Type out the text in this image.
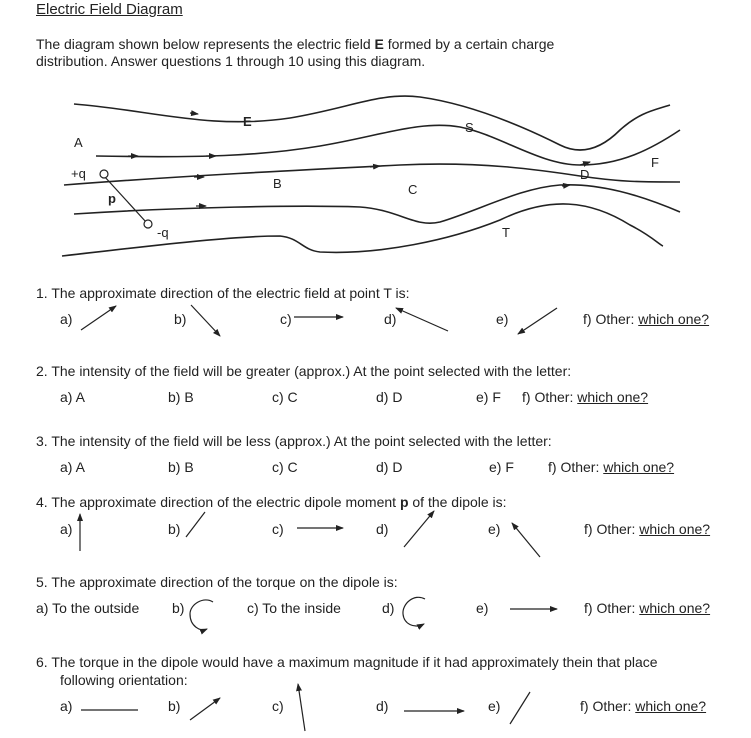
Electric Field Diagram
The diagram shown below represents the electric field E formed by a certain charge distribution. Answer questions 1 through 10 using this diagram.
E	S
A
+q
F
B	C
D
p
-q	T
1. The approximate direction of the electric field at point T is:
a)	b)	c)	d)	e)	f) Other: which one?
2. The intensity of the field will be greater (approx.) At the point selected with the letter:
a) A	b) B	c) C	d) D	e) F f) Other: which one?
3. The intensity of the field will be less (approx.) At the point selected with the letter:
a) A	b) B	c) C	d) D	e) F f) Other: which one?
4. The approximate direction of the electric dipole moment p of the dipole is:
a)	b)	c)	d)	e)	f) Other: which one?
5. The approximate direction of the torque on the dipole is:
a) To the outside b)	c) To the inside	d)	e)	f) Other: which one?
6. The torque in the dipole would have a maximum magnitude if it had approximately thein that place
following orientation:
a)	b)	c)	d)	e)	f) Other: which one?
